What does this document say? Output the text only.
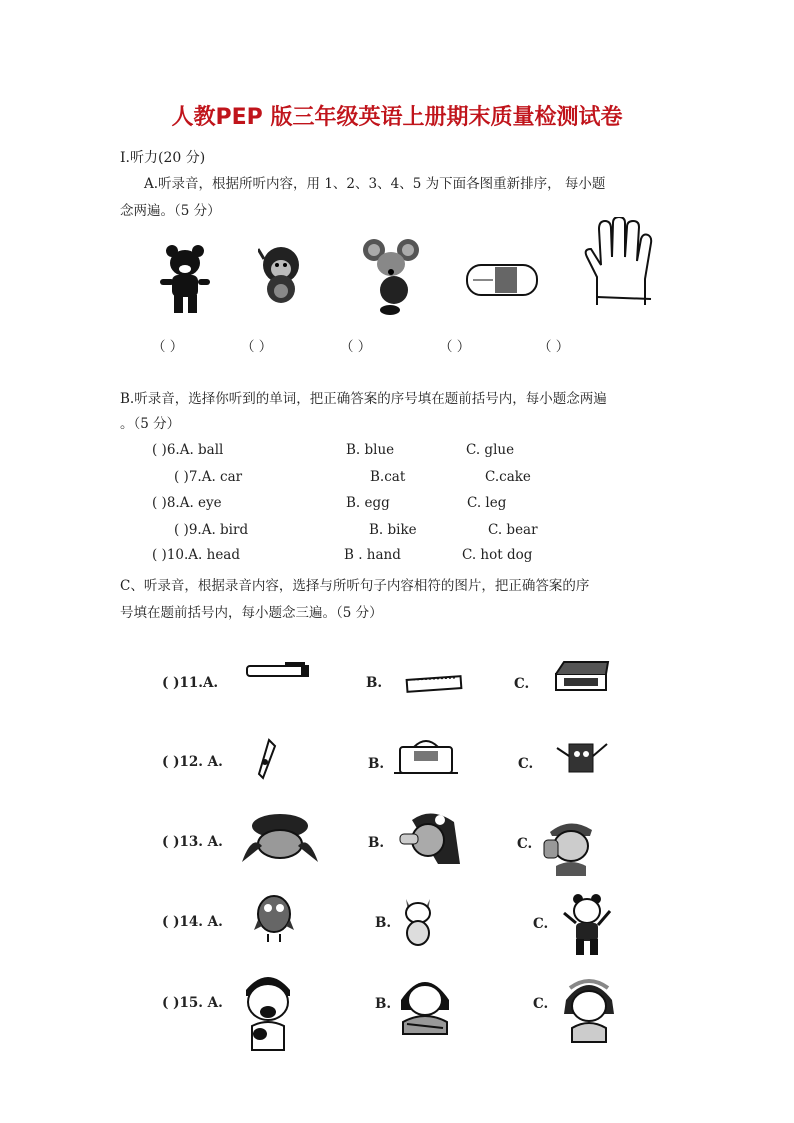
人教PEP 版三年级英语上册期末质量检测试卷
Ⅰ.听力(20 分)
A.听录音，根据所听内容，用 1、2、3、4、5 为下面各图重新排序， 每小题
念两遍。（5 分）
（ ）	（ ）	（ ）	（ ）	（ ）
B.听录音，选择你听到的单词，把正确答案的序号填在题前括号内，每小题念两遍
。（5 分）
( )6.A. ball	B. blue	C. glue
( )7.A. car	B.cat	C.cake
( )8.A. eye	B. egg	C. leg
( )9.A. bird	B. bike	C. bear
( )10.A. head	B . hand	C. hot dog
C、听录音，根据录音内容，选择与所听句子内容相符的图片，把正确答案的序
号填在题前括号内，每小题念三遍。（5 分）
( )11.A.	B.	C.
( )12. A.	B.	C.
( )13. A.	B.	C.
( )14. A.	B.	C.
( )15. A.	B.	C.
